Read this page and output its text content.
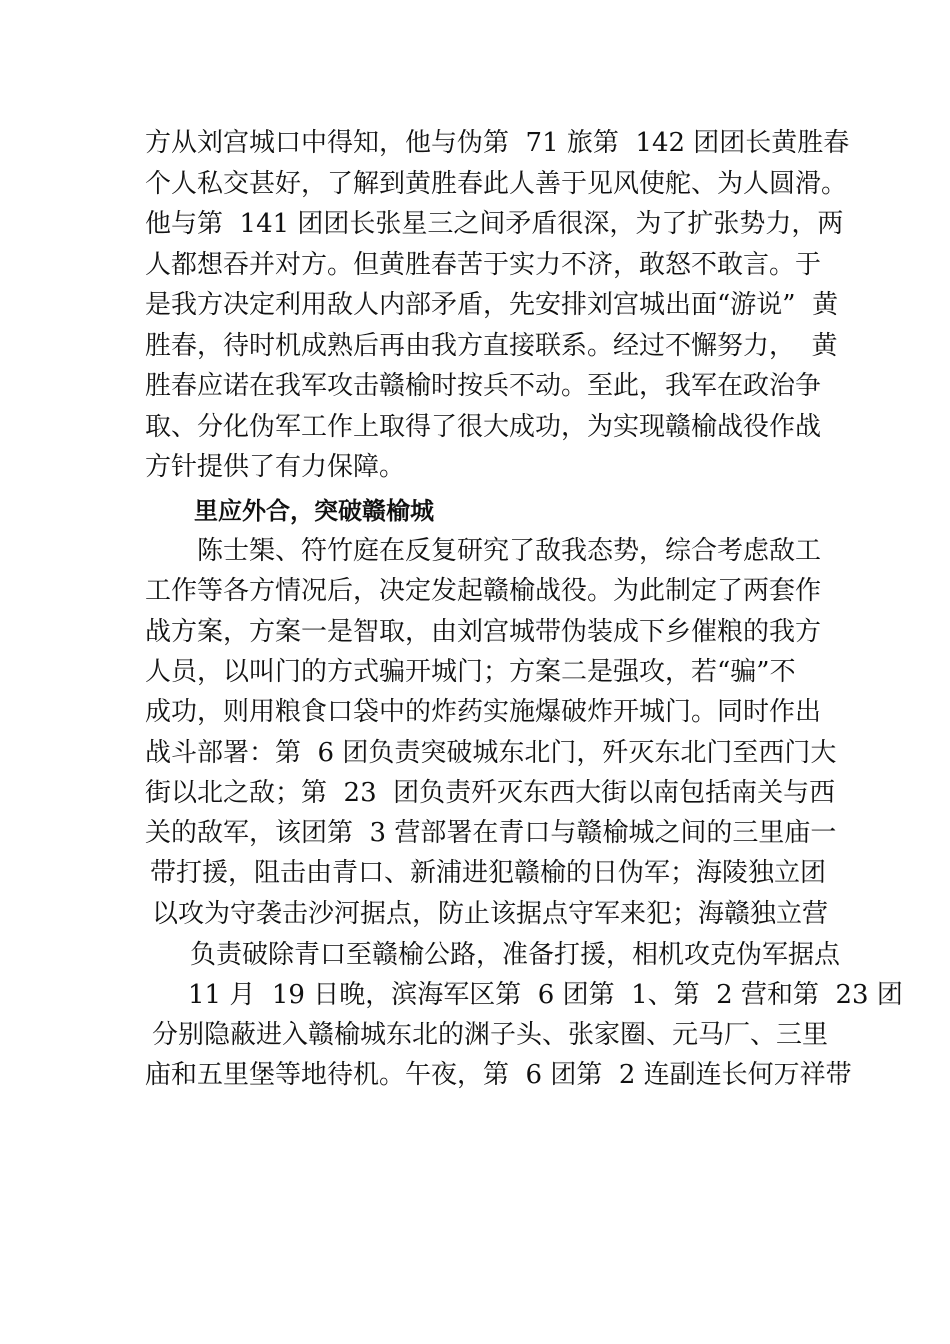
方从刘宫城口中得知，他与伪第  71 旅第  142 团团长黄胜春
个人私交甚好，了解到黄胜春此人善于见风使舵、为人圆滑。
他与第  141 团团长张星三之间矛盾很深，为了扩张势力，两
人都想吞并对方。但黄胜春苦于实力不济，敢怒不敢言。于
是我方决定利用敌人内部矛盾，先安排刘宫城出面“游说”  黄
胜春，待时机成熟后再由我方直接联系。经过不懈努力，  黄
胜春应诺在我军攻击赣榆时按兵不动。至此，我军在政治争
取、分化伪军工作上取得了很大成功，为实现赣榆战役作战
方针提供了有力保障。
里应外合，突破赣榆城
陈士榘、符竹庭在反复研究了敌我态势，综合考虑敌工
工作等各方情况后，决定发起赣榆战役。为此制定了两套作
战方案，方案一是智取，由刘宫城带伪装成下乡催粮的我方
人员，以叫门的方式骗开城门；方案二是强攻，若“骗”不
成功，则用粮食口袋中的炸药实施爆破炸开城门。同时作出
战斗部署：第  6 团负责突破城东北门，歼灭东北门至西门大
街以北之敌；第  23  团负责歼灭东西大街以南包括南关与西
关的敌军，该团第  3 营部署在青口与赣榆城之间的三里庙一
带打援，阻击由青口、新浦进犯赣榆的日伪军；海陵独立团
以攻为守袭击沙河据点，防止该据点守军来犯；海赣独立营
负责破除青口至赣榆公路，准备打援，相机攻克伪军据点
11 月  19 日晚，滨海军区第  6 团第  1、第  2 营和第  23 团
分别隐蔽进入赣榆城东北的渊子头、张家圈、元马厂、三里
庙和五里堡等地待机。午夜，第  6 团第  2 连副连长何万祥带
